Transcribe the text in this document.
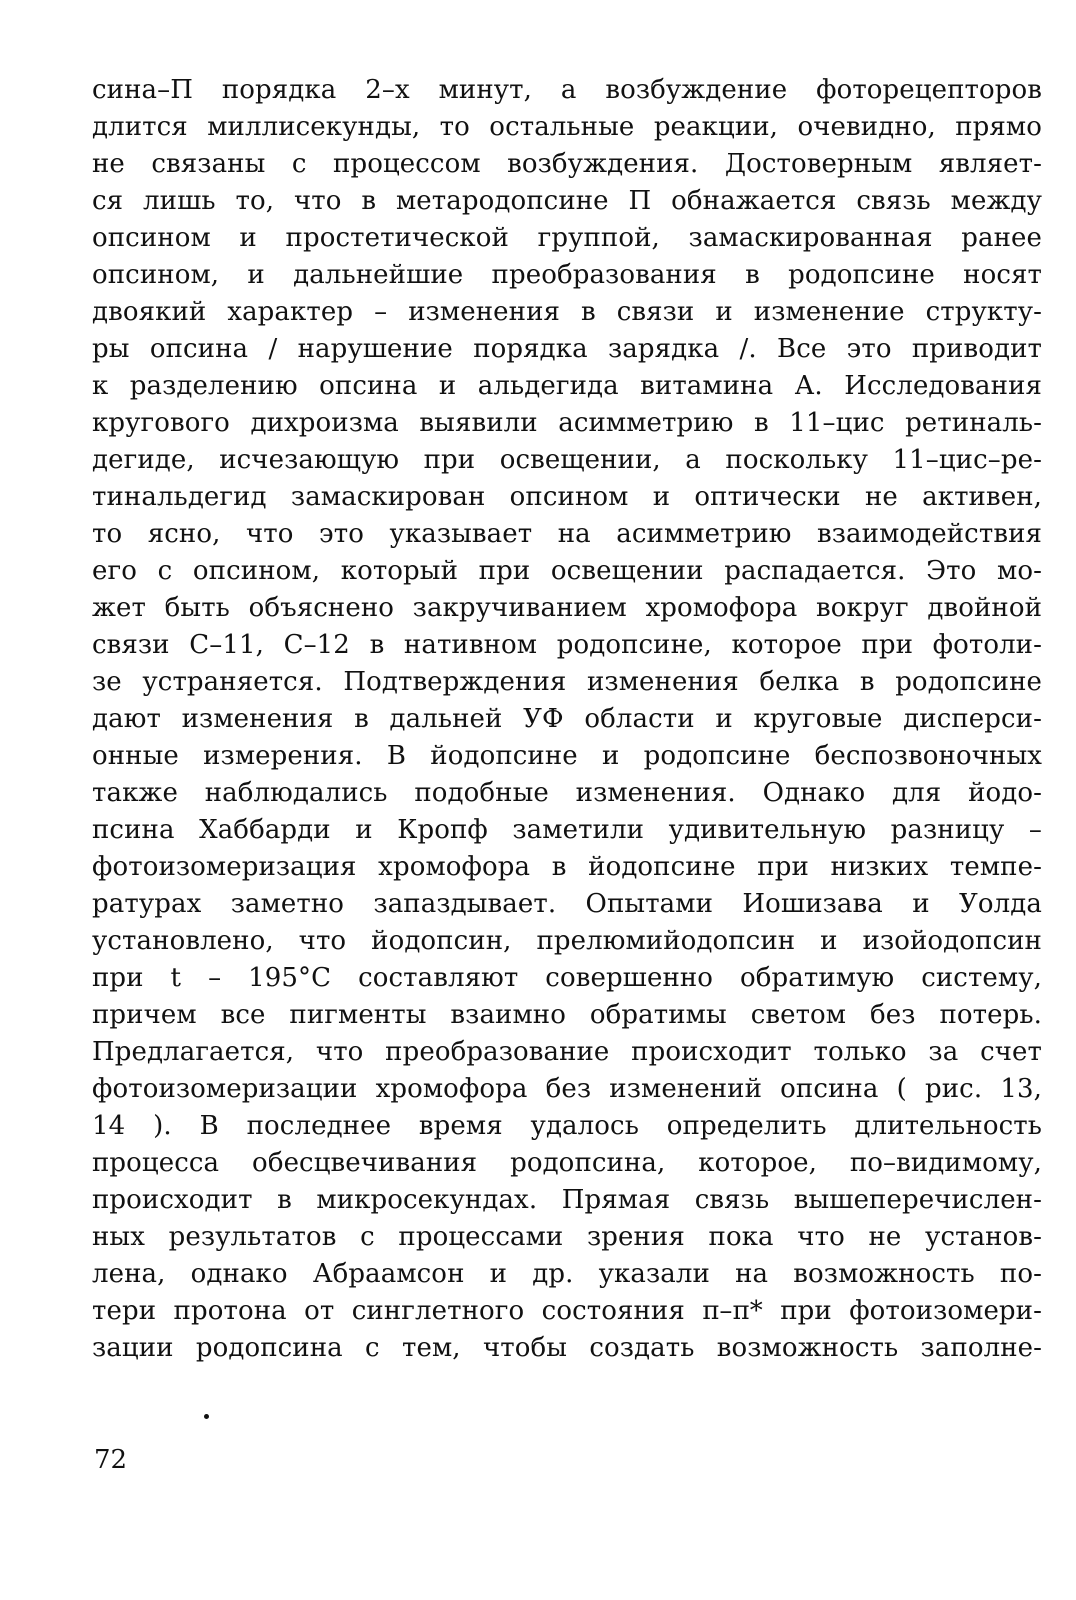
сина–П порядка 2–х минут, а возбуждение фоторецепторов
длится миллисекунды, то остальные реакции, очевидно, прямо
не связаны с процессом возбуждения. Достоверным являет-
ся лишь то, что в метародопсине П обнажается связь между
опсином и простетической группой, замаскированная ранее
опсином, и дальнейшие преобразования в родопсине носят
двоякий характер – изменения в связи и изменение структу-
ры опсина / нарушение порядка зарядка /. Все это приводит
к разделению опсина и альдегида витамина А. Исследования
кругового дихроизма выявили асимметрию в 11–цис ретиналь-
дегиде, исчезающую при освещении, а поскольку 11–цис–ре-
тинальдегид замаскирован опсином и оптически не активен,
то ясно, что это указывает на асимметрию взаимодействия
его с опсином, который при освещении распадается. Это мо-
жет быть объяснено закручиванием хромофора вокруг двойной
связи С–11, С–12 в нативном родопсине, которое при фотоли-
зе устраняется. Подтверждения изменения белка в родопсине
дают изменения в дальней УФ области и круговые дисперси-
онные измерения. В йодопсине и родопсине беспозвоночных
также наблюдались подобные изменения. Однако для йодо-
псина Хаббарди и Кропф заметили удивительную разницу –
фотоизомеризация хромофора в йодопсине при низких темпе-
ратурах заметно запаздывает. Опытами Иошизава и Уолда
установлено, что йодопсин, прелюмийодопсин и изойодопсин
при t – 195°С составляют совершенно обратимую систему,
причем все пигменты взаимно обратимы светом без потерь.
Предлагается, что преобразование происходит только за счет
фотоизомеризации хромофора без изменений опсина ( рис. 13,
14 ). В последнее время удалось определить длительность
процесса обесцвечивания родопсина, которое, по–видимому,
происходит в микросекундах. Прямая связь вышеперечислен-
ных результатов с процессами зрения пока что не установ-
лена, однако Абраамсон и др. указали на возможность по-
тери протона от синглетного состояния π–π* при фотоизомери-
зации родопсина с тем, чтобы создать возможность заполне-
72
